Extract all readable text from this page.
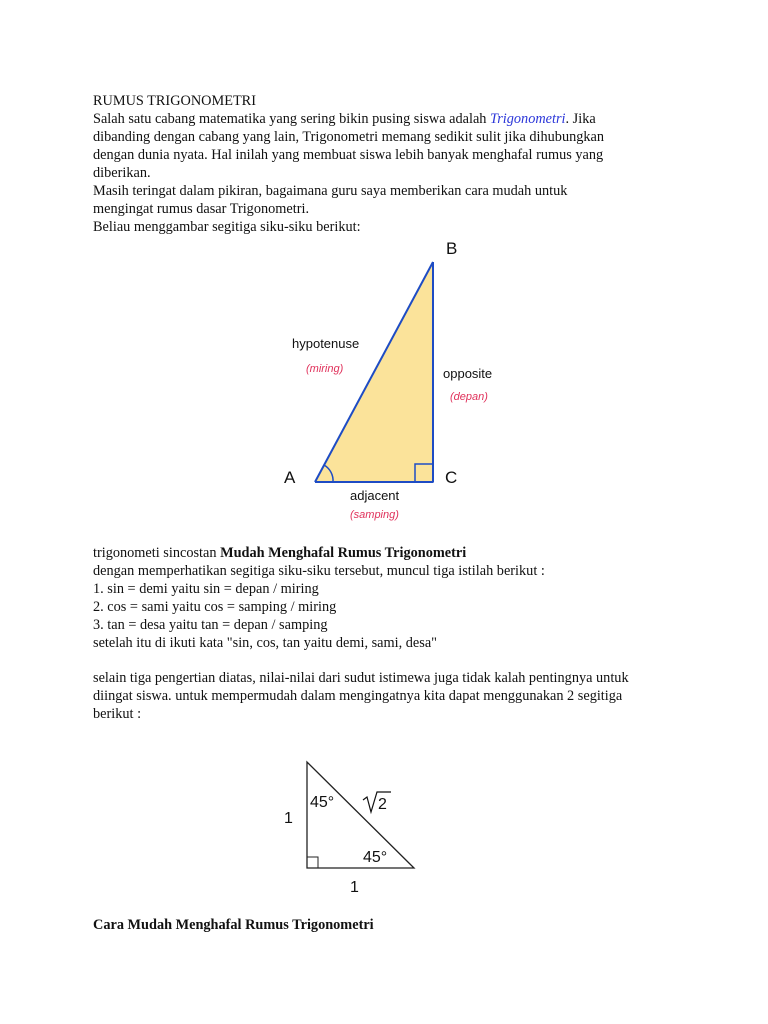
RUMUS TRIGONOMETRI
Salah satu cabang matematika yang sering bikin pusing siswa adalah Trigonometri. Jika
dibanding dengan cabang yang lain, Trigonometri memang sedikit sulit jika dihubungkan
dengan dunia nyata. Hal inilah yang membuat siswa lebih banyak menghafal rumus yang
diberikan.
Masih teringat dalam pikiran, bagaimana guru saya memberikan cara mudah untuk
mengingat rumus dasar Trigonometri.
Beliau menggambar segitiga siku-siku berikut:
B
A	C
hypotenuse
(miring)	opposite
(depan)
adjacent
(samping)
trigonometi sincostan Mudah Menghafal Rumus Trigonometri
dengan memperhatikan segitiga siku-siku tersebut, muncul tiga istilah berikut :
1. sin = demi yaitu sin = depan / miring
2. cos = sami yaitu cos = samping / miring
3. tan = desa yaitu tan = depan / samping
setelah itu di ikuti kata "sin, cos, tan yaitu demi, sami, desa"
selain tiga pengertian diatas, nilai-nilai dari sudut istimewa juga tidak kalah pentingnya untuk
diingat siswa. untuk mempermudah dalam mengingatnya kita dapat menggunakan 2 segitiga
berikut :
1
1
45°
45°
2
Cara Mudah Menghafal Rumus Trigonometri
